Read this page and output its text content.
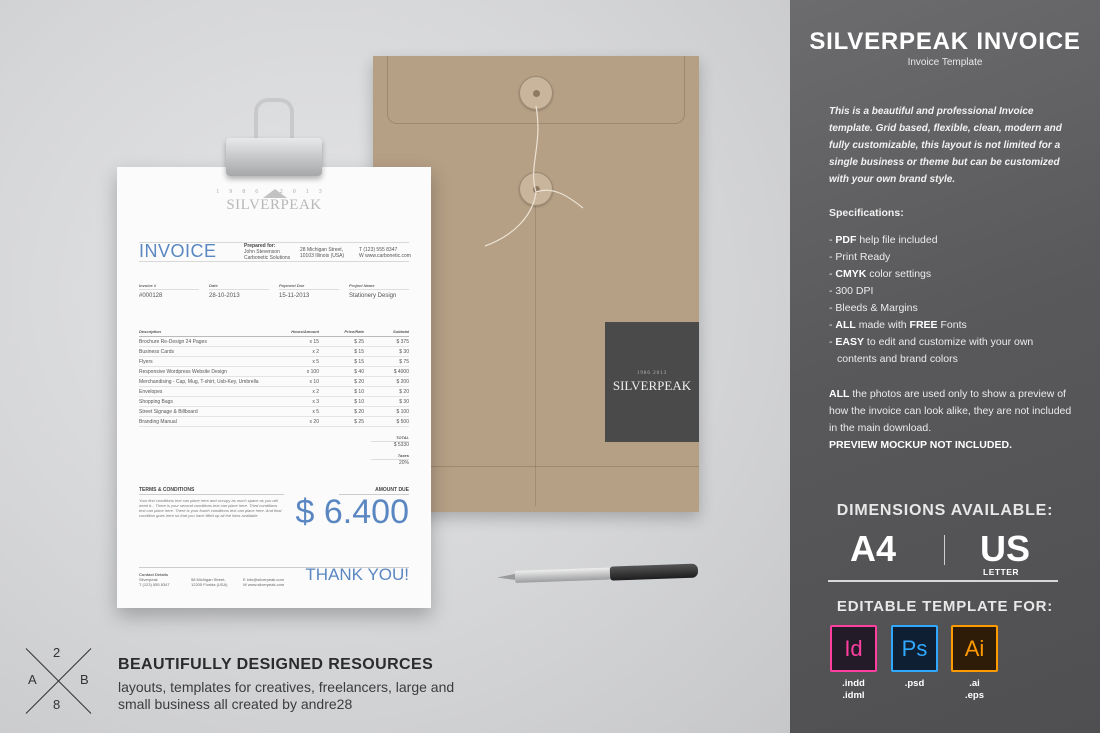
1986 2013
SILVERPEAK
1986 2013
SILVERPEAK
INVOICE	Prepared for:
John Stevenson
Carbonetic Solutions
28 Michigan Street,
10103 Illinois (USA)
T (123) 555 8347
W www.carbonetic.com
Invoice #
#000128
Date
28-10-2013
Payment Due
15-11-2013
Project Name
Stationery Design
Description	Hours/Amount	Price/Rate	Subtotal
Brochure Re-Design 24 Pages	x 15	$ 25	$ 375
Business Cards	x 2	$ 15	$ 30
Flyers	x 5	$ 15	$ 75
Responsive Wordpress Website Design	x 100	$ 40	$ 4000
Merchandising - Cap, Mug, T-shirt, Usb-Key, Umbrella	x 10	$ 20	$ 200
Envelopes	x 2	$ 10	$ 20
Shopping Bags	x 3	$ 10	$ 30
Street Signage & Billboard	x 5	$ 20	$ 100
Branding Manual	x 20	$ 25	$ 500
TOTAL
$ 5330
Taxes
20%
TERMS & CONDITIONS
Your first conditions text can place here and occupy as much space as you will need it... There is your second conditions text can place here. Third conditions text can place here. There is your fourth conditions text can place here. And final condition goes here so that you have filled up all the lines available.
AMOUNT DUE
$ 6.400
Contact Details
Silverpeak
T (123) 555 8347

58 Michigan Street,
12205 Florida (USA)

E info@silverpeak.com
W www.silverpeak.com
THANK YOU!
2
A	B
8
BEAUTIFULLY DESIGNED RESOURCES
layouts, templates for creatives, freelancers, large and small business all created by andre28
SILVERPEAK INVOICE
Invoice Template
This is a beautiful and professional Invoice template. Grid based, flexible, clean, modern and fully customizable, this layout is not limited for a single business or theme but can be customized with your own brand style.
Specifications:
- PDF help file included
- Print Ready
- CMYK color settings
- 300 DPI
- Bleeds & Margins
- ALL made with FREE Fonts
- EASY to edit and customize with your own
contents and brand colors
ALL the photos are used only to show a preview of how the invoice can look alike, they are not included in the main download.
PREVIEW MOCKUP NOT INCLUDED.
DIMENSIONS AVAILABLE:
A4 US
LETTER
EDITABLE TEMPLATE FOR:
Id
.indd
.idml
Ps
.psd
Ai
.ai
.eps
